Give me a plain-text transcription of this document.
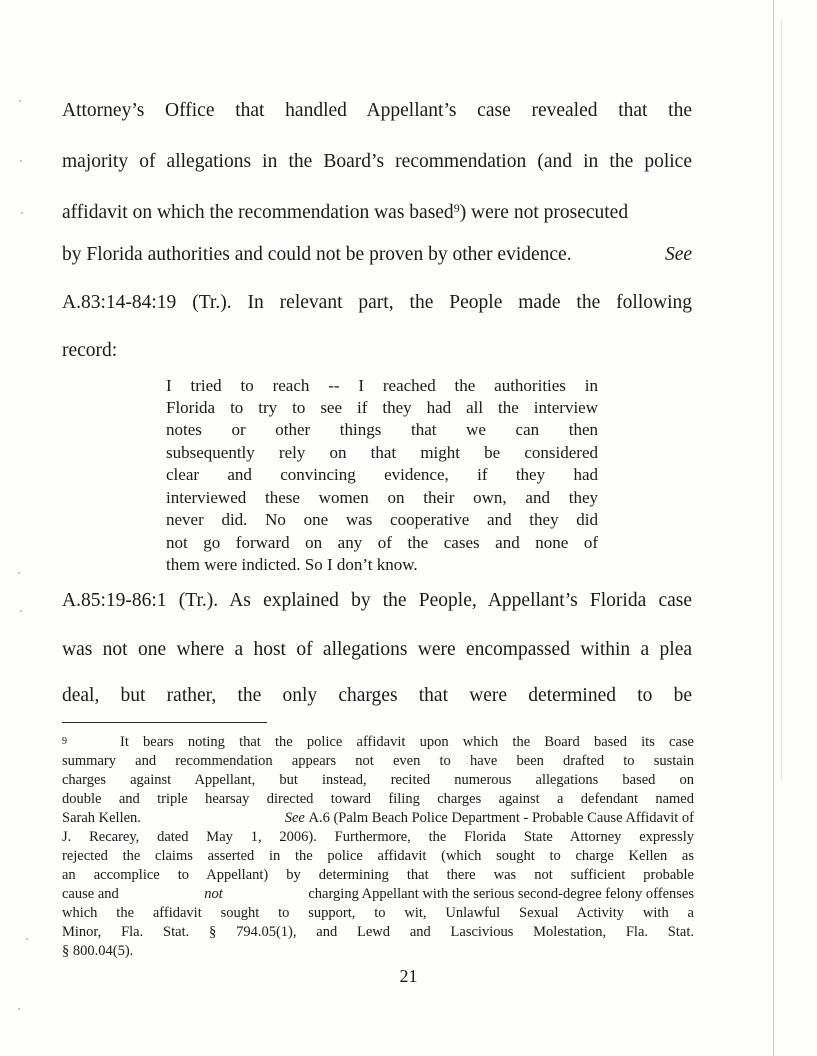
Attorney’s Office that handled Appellant’s case revealed that the
majority of allegations in the Board’s recommendation (and in the police
affidavit on which the recommendation was based$^9$) were not prosecuted
by Florida authorities and could not be proven by other evidence.	See
A.83:14-84:19 (Tr.). In relevant part, the People made the following
record:
I tried to reach -- I reached the authorities in
Florida to try to see if they had all the interview
notes or other things that we can then
subsequently rely on that might be considered
clear and convincing evidence, if they had
interviewed these women on their own, and they
never did. No one was cooperative and they did
not go forward on any of the cases and none of
them were indicted. So I don’t know.
A.85:19-86:1 (Tr.). As explained by the People, Appellant’s Florida case
was not one where a host of allegations were encompassed within a plea
deal, but rather, the only charges that were determined to be
9	It bears noting that the police affidavit upon which the Board based its case
summary and recommendation appears not even to have been drafted to sustain
charges against Appellant, but instead, recited numerous allegations based on
double and triple hearsay directed toward filing charges against a defendant named
Sarah Kellen.	See A.6 (Palm Beach Police Department - Probable Cause Affidavit of
J. Recarey, dated May 1, 2006). Furthermore, the Florida State Attorney expressly
rejected the claims asserted in the police affidavit (which sought to charge Kellen as
an accomplice to Appellant) by determining that there was not sufficient probable
cause and	not	charging Appellant with the serious second-degree felony offenses
which the affidavit sought to support, to wit, Unlawful Sexual Activity with a
Minor, Fla. Stat. § 794.05(1), and Lewd and Lascivious Molestation, Fla. Stat.
§ 800.04(5).
21
